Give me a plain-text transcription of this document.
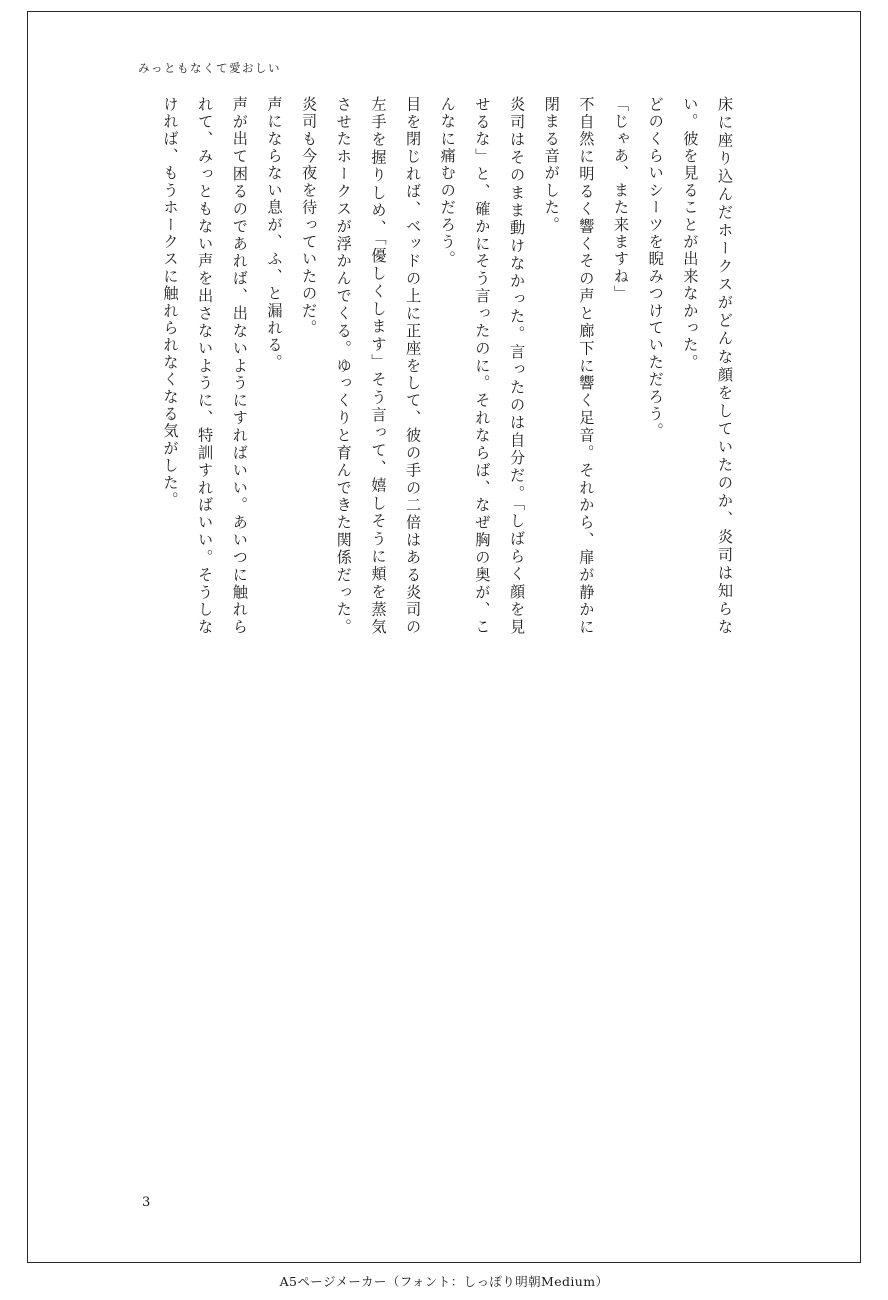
みっともなくて愛おしい

床に座り込んだホークスがどんな顔をしていたのか、炎司は知らない。彼を見ることが出来なかった。

どのくらいシーツを睨みつけていただろう。

「じゃあ、また来ますね」

不自然に明るく響くその声と廊下に響く足音。それから、扉が静かに閉まる音がした。

炎司はそのまま動けなかった。言ったのは自分だ。「しばらく顔を見せるな」と、確かにそう言ったのに。それならば、なぜ胸の奥が、こんなに痛むのだろう。

目を閉じれば、ベッドの上に正座をして、彼の手の二倍はある炎司の左手を握りしめ、「優しくします」そう言って、嬉しそうに頬を蒸気させたホークスが浮かんでくる。ゆっくりと育んできた関係だった。炎司も今夜を待っていたのだ。

声にならない息が、ふ、と漏れる。

声が出て困るのであれば、出ないようにすればいい。あいつに触れられて、みっともない声を出さないように、特訓すればいい。そうしなければ、もうホークスに触れられなくなる気がした。

3
A5ページメーカー（フォント：しっぽり明朝Medium）
